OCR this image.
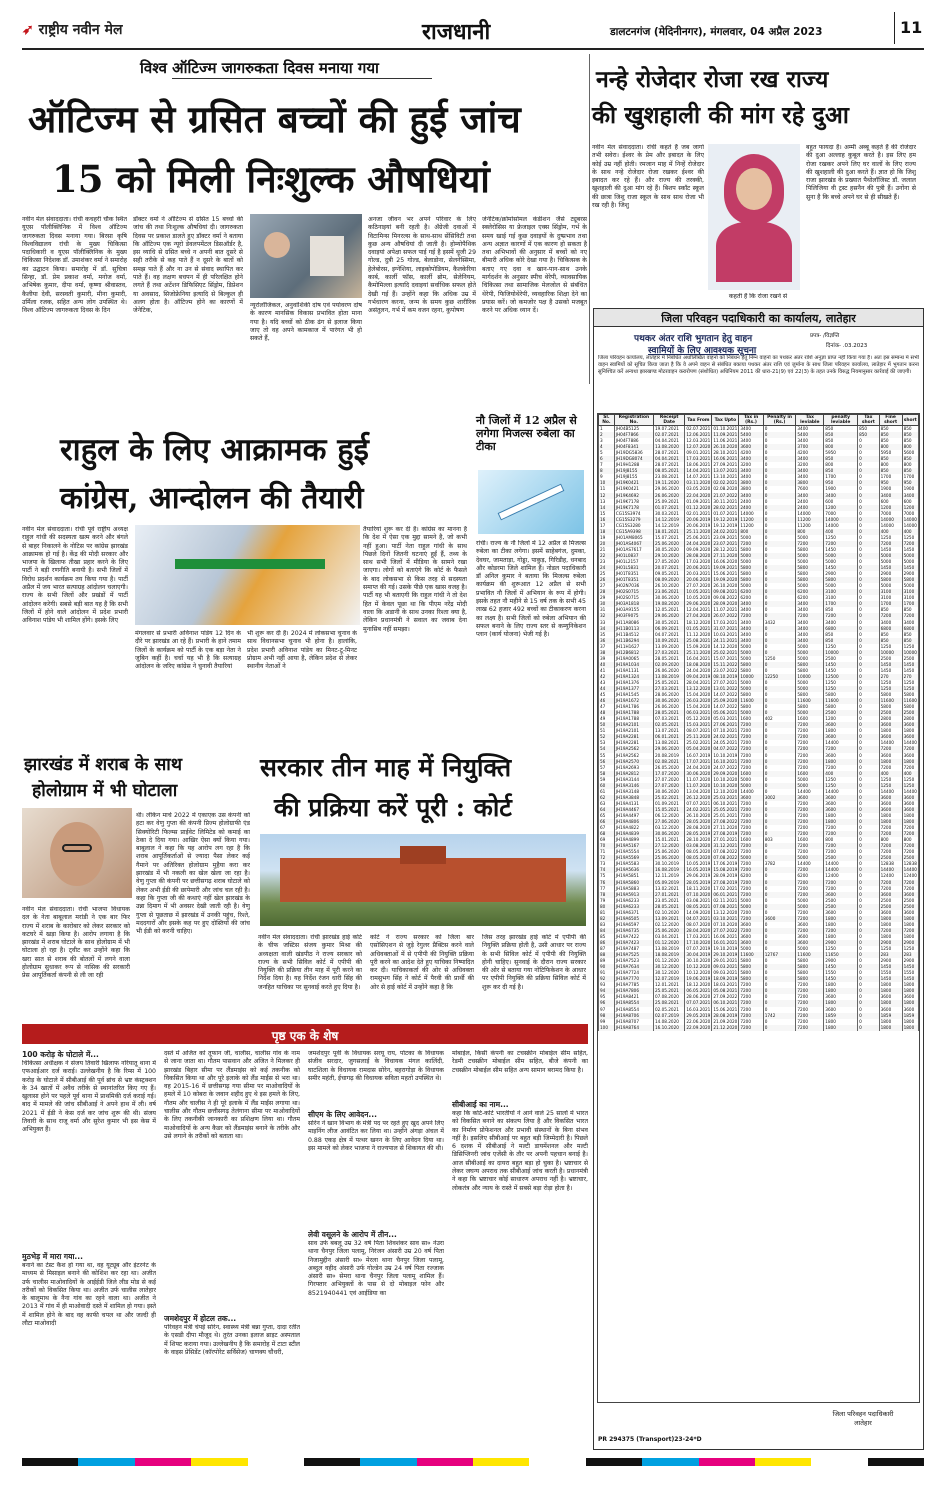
➶ राष्ट्रीय नवीन मेल	राजधानी	डालटनगंज (मेदिनीनगर), मंगलवार, 04 अप्रैल 2023	11
विश्व ऑटिज्म जागरुकता दिवस मनाया गया
ऑटिज्म से ग्रसित बच्चों की हुई जांच
15 को मिली निःशुल्क औषधियां
नवीन मेल संवाददाता। रांची कचहरी चौक स्थित यूएस पॉलीक्लिनिक में विश्व ऑटिज्म जागरुकता दिवस मनाया गया। बिरसा कृषि विश्वविद्यालय रांची के मुख्य चिकित्सा पदाधिकारी व यूएस पॉलीक्लिनिक के मुख्य चिकित्सा निदेशक डॉ. उमाशंकर वर्मा ने समारोह का उद्घाटन किया। समारोह में डॉ. सुचित्रा सिन्हा, डॉ. प्रेम प्रकाश वर्मा, मनोज वर्मा, अभिषेक कुमार, दीपा वर्मा, कृष्णा श्रीवास्तव, कैलीया देवी, सरस्वती कुमारी, मीना कुमारी, उर्मिला रजक, सहित अन्य लोग उपस्थित थे। विश्व ऑटिज्म जागरुकता दिवस के दिन
डॉक्टर वर्मा ने ऑटिज्म से ग्रसित 15 बच्चों की जांच की तथा निःशुल्क औषधियां दी। जागरुकता दिवस पर प्रकाश डालते हुए डॉक्टर वर्मा ने बताया कि ऑटिज्म एक न्यूरो डेवलपमेंटल डिसऑर्डर है, इस व्याधि से ग्रसित बच्चे न अपनी बात दूसरे से सही तरीके से कह पाते हैं न दूसरे के बातों को समझ पाते हैं और ना उन से संवाद स्थापित कर पाते हैं। वह लक्षण बचपन में ही परिलक्षित होने लगते हैं तथा अटेंशन डिफिसिएट सिंड्रोम, डिप्रेशन या अवसाद, सिजोफ्रेनिया इत्यादि से बिल्कुल ही अलग होता है। ऑटिज्म होने का कारणों में जेनेटिक,
न्यूरोलॉजिकल, अनुवांशिकी दोष एवं पर्यावरण दोष के कारण मानसिक विकास प्रभावित होता माना गया है। यदि बच्चों को ठीक ढंग से इलाज किया जाए तो वह अपने कामकाज में पारंगत भी हो सकते हैं,
अनजा जीवन भर अपने परिवार के लिए कठिनाइयां बनी रहती है। ॲग्रेजी दवाओं में विटामिन्स मिनरल्स के साथ-साथ सेंसिविटी तथा कुछ अन्य औषधियां दी जाती है। होम्योपैथिक दवाइयां अपेक्षा सफल पाई गई है इसमें थूजी 29 गोल्ड, दुत्री 25 गोल्ड, बेलाडोना, सेलनेस्सिमा, हेलेबोरस, इग्नेशिया, लाइकोपोडियम, कैलकेरिया कार्ब, कार्ली फॉस, कार्ली ब्रोम, सेलेनियम, कैमोमिल्ला इत्यादि दवाइयां सर्वाधिक सफल होते देखी गई हैं। उन्होंने कहा कि अधिक उम्र में गर्भधारण करना, जन्म के समय कुछ शारीरिक असंतुलन, गर्भ में कम वजन रहना, कुपोषण
जेनेटिक/क्रोमोसोमल कंडीशन जैसे ट्यूबरस स्क्लेरोसिस या फ्रेजाइल एक्स सिंड्रोम, गर्भ के समय खाई गई कुछ दवाइयों के दुष्प्रभाव तथा अन्य अज्ञात कारणों में एक कारण हो सकता है तथा अभिभावों की अनुसार में बच्चों को नए बीमारी अधिक कोरे देखा गया है। चिकित्सक के बताए गए दवा व खान-पान-साथ उनके मार्गदर्शन के अनुसार स्पीच थेरेपी, व्यावसायिक चिकित्सा तथा सामाजिक मेलजोल से संबंधित थेरेपी, फिजियोथेरेपी, व्यवहारिक शिक्षा देने का प्रयास करें। जो कमजोर पक्ष है उसको मजबूत करने पर अधिक ध्यान दें।
नन्हे रोजेदार रोजा रख राज्य
की खुशहाली की मांग रहे दुआ
नवीन मेल संवाददाता। रांची कहते हैं जब जागो तभी सवेरा। ईश्वर के प्रेम और इबादत के लिए कोई उम्र नहीं होती। रमजान माह में निन्हें रोजेदार के साथ नन्हे रोजेदार रोजा रखकर ईश्वर की इबादत कर रहे हैं। और राज्य की तरक्की, खुशहाली की दुआ मांग रहे हैं। बिशप स्कॉट स्कूल की छात्रा जिशु राजा स्कूल के साथ साथ रोजा भी रख रही है। जिशु
कहती हैं कि रोजा रखने से
बहुत फायदा है। अम्मी अब्बू कहते हैं की रोजेदार की दुआ अल्लाह कुबूल करते है। इस लिए हम रोजा रखकर अपने लिए घर वालों के लिए राज्य की खुशहाली की दुआ करते हैं। ज्ञात हो कि जिशु राजा झारखंड के प्रख्यात पैथोलॉजिस्ट डॉ. जलाल पिलिजिया वी ट्रस्ट हसनैन की पुत्री हैं। उनोंना से सुना है कि बच्चे अपने घर से ही सीखते हैं।
राहुल के लिए आक्रामक हुई
कांग्रेस, आन्दोलन की तैयारी
नवीन मेल संवाददाता। रांची पूर्व राष्ट्रीय अध्यक्ष राहुल गांधी की सदस्यता खत्म करने और बंगले से बाहर निकालने के नोटिस पर कांग्रेस झारखंड आक्रामक हो गई है। केंद्र की मोदी सरकार और भाजपा के खिलाफ तीखा प्रहार करने के लिए पार्टी ने बड़ी रणनीति बनायी है। सभी जिलों में विरोध प्रदर्शन कार्यक्रम तय किया गया है। पार्टी अप्रैल में जय भारत सत्याग्रह आंदोलन चलाएगी। राज्य के सभी जिलों और प्रखंडों में पार्टी आंदोलन करेगी। सबसे बड़ी बात यह है कि सभी जिलों में होने वाले आंदोलन में प्रदेश प्रभारी अविनाश पांडेय भी शामिल होंगे। इसके लिए
मंगलवार से प्रभारी अविनाश पांडेय 12 दिन के दौरे पर झारखंड आ रहे हैं। प्रभारी के हाने तमाम जिलों के कार्यक्रम को पार्टी के एक बड़ा नेता ने जुबिन कहीं है। चर्चा यह भी है कि सत्याग्रह आंदोलन के जरिए कांग्रेस ने चुनावी तैयारियां
भी शुरू कर दी है। 2024 में लोकसभा चुनाव के साथ विधानसभा चुनाव भी होना है। हालांकि, प्रदेश प्रभारी अविनाश पांडेय का मिनट-टू-मिनट प्रोग्राम अभी नहीं आया है, लेकिन प्रदेश से लेकर स्थानीय नेताओं ने
तैयारियां शुरू कर दी है। कांग्रेस का मानना है कि देश में ऐसा एक मुद्दा सामने है, जो कभी नहीं हुआ। पार्टी नेता राहुल गांधी के साथ पिछले दिनों जितनी घटनाएं हुईं हैं, तथ्य के साथ सभी जिलों में मीडिया के सामने रखा जाएगा। लोगों को बताएंगे कि कोर्ट के फैसले के बाद लोकसभा से किस तरह से सदस्यता समाप्त की गई। उसके पीछे एक खास वजह है। पार्टी यह भी बताएगी कि राहुल गांधी ने तो देश हित में केवल पूछा था कि पीएम नरेंद्र मोदी वाला कि अडानी के साथ उनका रिश्ता क्या है, लेकिन प्रधानमंत्री ने सवाल का जवाब देना मुनासिब नहीं समझा।
नौ जिलों में 12 अप्रैल से लगेगा मिजल्स रुबेला का टीका
रांची। राज्य के नौ जिलों में 12 अप्रैल से मिजल्स रुबेला का टीका लगेगा। इसमें साहेबगंज, दुमका, देवघर, जामताड़ा, गोड्डा, पाकुड़, गिरिडीह, धनबाद और कोडरमा जिले शामिल हैं। नोडल पदाधिकारी डॉ अनिल कुमार ने बताया कि मिजल्स रुबेला कार्यक्रम की शुरूआत 12 अप्रैल से सभी प्रभावित नौ जिलों में अभियान के रूप में होगी। इसके तहत नौ महीने से 15 वर्ष तक के सभी 45 लाख 62 हजार 492 बच्चों का टीकाकरण करना का लक्ष्य है। सभी जिलों को रुबेला अभियान की सफल बनाने के लिए राज्य स्तर से कम्युनिकेशन प्लान (कार्य योजना) भेजी गई है।
झारखंड में शराब के साथ
होलोग्राम में भी घोटाला
नवीन मेल संवाददाता। रांची भाजपा विधायक दल के नेता बाबूलाल मरांडी ने एक बार फिर राज्य में शराब के कारोबार को लेकर सरकार को कटघरे में खड़ा किया है। आरोप लगाया है कि झारखंड में शराब घोटाले के साथ होलोग्राम में भी घोटाला हो रहा है। ट्वीट कर उन्होंने कहा कि खरा सात से शराब की बोतलों में लगने वाला होलोग्राम सुधाकर रूप से नासिक की सरकारी प्रेस आपूर्तिकर्ता कंपनी से ली जा रही
थी। लेकिन मार्च 2022 में एकाएक उस कंपनी को हटा कर वेणु गुप्ता की कंपनी प्रिज्म होलोग्राफी एंड सिक्योरिटी फिल्म्स प्राईवेट लिमिटेड को कमाई का ठेका दे दिया गया। आखिर ऐसा क्यों किया गया। बाबूलाल ने कहा कि यह आरोप लग रहा है कि शराब आपूर्तिकर्ताओं से ज्यादा पैसा लेकर कई गैमाने पर अतिरिक्त होलोग्राम मुहैया करा कर झारखंड में भी नकली का खेल खेला जा रहा है। वेणु गुप्ता की कंपनी पर छत्तीसगढ़ शराब घोटाले को लेकर अभी ईडी की छापेमारी और जांच चल रही है। कहा कि गुप्ता जी की कथाएं नहीं खेल झारखंड के उन्ना दिमाग में भी अवसर देखी जाती रही है। वेणु गुप्ता से पूछताछ में झारखंड में उनकी पहुंच, रिश्ते, मददगारों और इसके कह पर हुए दोस्तियों की जांच भी ईडी को करनी चाहिए।
सरकार तीन माह में नियुक्ति
की प्रक्रिया करें पूरी : कोर्ट
नवीन मेल संवाददाता। रांची झारखंड हाई कोर्ट के चीफ जस्टिस संजय कुमार मिश्रा की अध्यक्षता वाली खंडपीठ ने राज्य सरकार को राज्य के सभी सिविल कोर्ट में एपीपी की नियुक्ति की प्रक्रिया तीन माह में पूरी करने का निर्देश दिया है। यह निर्देश रंजन धारी सिंह की जनहित याचिका पर सुनवाई करते हुए दिया है।
कोर्ट ने राज्य सरकार को जिला बार एसोसिएशन से जुड़े रेगुलर प्रैक्टिस करने वाले अधिवक्ताओं में से एपीपी की नियुक्ति प्रक्रिया पूरी करने का आदेश देते हुए याचिका निष्पादित कर दी। याचिकाकर्ता की ओर से अधिवक्ता रामसुभग सिंह ने कोर्ट में पैरवी की प्रार्थी की ओर से हाई कोर्ट में उन्होंने कहा है कि
जिस तरह झारखंड हाई कोर्ट में एपीपी की नियुक्ति प्रक्रिया होती है, उसी आधार पर राज्य के सभी सिविल कोर्ट में एपीपी की नियुक्ति होनी चाहिए। सुनवाई के दौरान राज्य सरकार की ओर से बताया गया नोटिफिकेशन के आधार पर एपीपी नियुक्ति की प्रक्रिया सिविल कोर्ट में शुरू कर दी गई है।
पृष्ठ एक के शेष
100 करोड़ के घोटाले में...
चिकित्सा अधीक्षक ने संजय तिवारी खिलाफ नरियातू थाना में एफआईआर दर्ज कराई। उल्लेखनीय है कि रिम्स में 100 करोड़ के घोटाले में सीबीआई की पूर्व ब्रांच से भ्रष्ट कंस्ट्रक्शन के 34 खातों में अवैध तरीके से स्थानांतरित किए गए हैं। खुलासा होने पर पहले पूर्व थाना में प्राथमिकी दर्ज कराई गई। बाद में मामले की जांच सीबीआई ने अपने हाथ में ली। वर्ष 2021 में ईडी ने केस दर्ज कर जांच शुरू की थी। संजय तिवारी के साथ राजू वर्मा और सुरेश कुमार भी इस केस में अभियुक्त हैं।
मुठभेड़ में मारा गया...
बनाने का टेस्ट कैश हो गया था, वह यूट्यूब और इंटरनेट के माध्यम से मिसाइल बनाने की कोशिश कर रहा था। अजीत उर्फ चालीस माओवादियों के आईईडी जिले लीड मोड से कई तरीकों को विकसित किया था। अजीत उर्फ चालीस लातेहार के बालूमाथ के नैना गांव का रहने वाला था। अजीत ने 2013 में गांव में ही माओवादी दस्ते में शामिल हो गया। इस्ते में शामिल होने के बाद वह काफी चपल था और जल्दी ही लौटा माओवादी
दस्ते में अजित को तूफान जी, चालीस, चालीस गांव के नाम से जाना जाता था। गौतम पासवान और अजित ने मिलकर ही झारखंड बिहार सीमा पर लैंडमाइंस को कई तकनीक को विकसित किया था और पूरे इलाके को लैंड माईंस से भरा था। वह 2015-16 में छत्तीसगढ़ गया सीमा पर माओवादियों के हमले में 10 कोबरा के जवान शहीद हुए थे इस हमले के लिए, गौतम और चालीस ने ही पूरे इलाके में लैंड माईंस लगाया था। चालीस और गौतम छत्तीसगढ़ तेलंगाना सीमा पर माओवादियों के लिए तकनीकी जानकारी का प्रशिक्षण लिया था। गौतम माओवादियों के अन्य कैडर को लैंडमाइंस बनाने के तरीके और उसे लगाने के तरीकों को बताता था।
जमशेदपुर में होटल तक...
परिवहन मंत्री चंपई सोरेन, स्वास्थ्य मंत्री बन्ना गुप्ता, दादा रतीत के एसडी दीपा मौजूद थे। तुरंत उनका इलाज ब्राइट अस्पताल में शिफ्ट कराया गया। उल्लेखनीय है कि समारोह में टाटा स्टील के वाइस प्रेसिडेंट (कॉरपोरेट सर्विसेज) चाणक्य चौधरी,
जमशेदपुर पूर्वी के विधायक सरयू राय, पोटका के विधायक संजीव सरदार, जुगसलाई के विधायक मंगल कालिंदी, घाटशिला के विधायक रामदास सोरेन, बहरागोड़ा के विधायक समीर महंती, ईचागढ़ की विधायक सविता महतो उपस्थित थे।
सीएम के लिए आवेदन...
सोरेन ने खान विभाग के मंत्री पद पर रहते हुए खुद अपने लिए माइनिंग लीज आवंटित कर लिया था। उन्होंने अंगड़ा अंचल में 0.88 एकड़ क्षेत्र में पत्थर खनन के लिए आवेदन दिया था। इस मामले को लेकर भाजपा ने राज्यपाल से शिकायत की थी।
लेवी वसूलने के आरोप में तीन...
साव उर्फ बबलू उम्र 32 वर्ष पिता शिवशंकर साव सा० नेउरा थाना चैनपुर जिला पलामू, निरंजन अंसारी उम्र 20 वर्ष पिता निजामुद्दीन अंसारी सा० मेरला थाना चैनपुर जिला पलामू, अब्दुल वहीद अंसारी उर्फ गोल्डेन उम्र 24 वर्ष पिता रज्जाक अंसारी सा० सेमरा थाना चैनपुर जिला पलामू शामिल हैं। गिरफ्तार अभियुक्तों के पास से दो मोबाइल फोन और 8521940441 एवं आईडिया का
मोबाईल, किसी कंपनी का टचस्क्रीन मोबाईल सीम सहित, रेडमी टचस्क्रीन मोबाईल सीम सहित, बीजे कंपनी का टचस्क्रीन मोबाईल सीम सहित अन्य सामान बरामद किया है।
सीबीआई का नाम...
कहा कि कोर्ट-कोर्ट भारतीयों ने आने वाले 25 सालों में भारत को विकसित बनाने का संकल्प लिया है और विकसित भारत का निर्माण प्रोफेशनल और प्रभावी संस्थानों के बिना संभव नहीं है। इसलिए सीबीआई पर बहुत बड़ी जिम्मेदारी है। पिछले 6 दशक में सीबीआई ने मल्टी डायमेंशनल और मल्टी डिसिप्लिनरी जांच एजेंसी के तौर पर अपनी पहचान बनाई है। आज सीबीआई का दायरा बहुत बड़ा हो चुका है। भ्रष्टाचार से लेकर जघन्य अपराध तक सीबीआई जांच करती है। प्रधानमंत्री ने कहा कि भ्रष्टाचार कोई साधारण अपराध नहीं है। भ्रष्टाचार, लोकतंत्र और न्याय के रास्ते में सबसे बड़ा रोड़ा होता है।
जिला परिवहन पदाधिकारी का कार्यालय, लातेहार
पथकर अंतर राशि भुगतान हेतु वाहन
स्वामियों के लिए आवश्यक सूचना
प्रपत्र- /विज्ञप्ति
दिनांक- .03.2023
जिला परिवहन कार्यालय, लातेहार में निबंधित अधोलिखित वाहनों को निबंधन हेतु निम्न वाहनों का पथकर अंतर राशि अनुज्ञा प्राप्त नहीं किया गया है। अतः इस सम्बन्ध में सभी वाहन स्वामियों को सूचित किया जाता है कि वे अपने वाहन से संबंधित बकाया पथकर अंतर राशि एवं जुर्माना के साथ जिला परिवहन कार्यालय, लातेहार में भुगतान करना सुनिश्चित करें अन्यथा झारखण्ड मोटरवाहन करारोपण (संशोधित) अधिनियम 2011 की धारा-21(9) एवं 22(3) के तहत उनके विरुद्ध नियमानुसार कार्रवाई की जाएगी।
Sl. No.	Registration No.	Receipt Date	Tax From	Tax Upto	Tax in (Rs.)	Penalty in (Rs.)	Tax leviable	penalty leviable	Tax short	Fine short	short
1	JH04B5125	19.07.2021	02.07.2021	01.10.2021	3400	0	3400	850	850	850	850
2	JH04F7866	02.07.2021	12.06.2021	11.09.2021	5400	0	5400	850	850	850	850
3	JH04F7886	04.04.2021	12.03.2021	11.06.2021	3400	0	3400	850	0	850	850
4	JH04F8341	13.08.2020	12.07.2020	26.10.2020	3600	0	3700	800	0	800	800
5	JH19DG5836	28.07.2021	09.01.2021	28.10.2021	4200	0	4200	5950	0	5950	5600
6	JH19DG8074	04.04.2021	17.03.2021	16.06.2021	3400	0	3400	850	0	850	850
7	JH19H1288	28.07.2021	18.06.2021	27.09.2021	3200	0	3200	800	0	800	800
8	JH19J8155	08.05.2021	14.04.2021	13.07.2021	3400	0	3400	850	0	850	850
9	JH19J8155	23.08.2021	14.07.2021	13.10.2021	3400	0	3400	1700	0	1700	1700
10	JH19K0421	19.11.2020	03.11.2020	02.02.2021	3800	0	3800	950	0	950	950
11	JH19K0421	29.06.2020	03.05.2020	02.08.2020	3800	0	7600	1900	0	1900	1900
12	JH19K4692	26.06.2020	22.04.2020	21.07.2022	3400	0	3400	3400	0	3400	3400
13	JH19K7178	25.09.2021	01.09.2021	30.11.2021	2400	0	2400	600	0	600	600
14	JH19K7178	01.07.2021	01.12.2020	28.02.2021	2400	0	2400	1200	0	1200	1200
15	CG15S3974	30.03.2021	02.01.2021	01.07.2021	14000	0	14000	7000	0	7000	7000
16	CG15S3279	14.12.2019	20.06.2019	19.12.2019	11200	0	11200	14000	0	14000	14000
17	CG15S3280	14.12.2019	20.06.2019	19.12.2019	11200	0	11200	14000	0	14000	14000
18	CG15A9398	18.01.2021	25.11.2020	24.02.2021	800	0	800	400	0	400	400
19	JH01AM8065	15.07.2021	25.06.2021	23.09.2021	5000	0	5000	1250	0	1250	1250
20	JH01AS4067	25.06.2020	24.04.2020	23.07.2021	7200	0	7200	7200	0	7200	7200
21	JH01AS7617	30.05.2020	09.09.2020	28.12.2021	5800	0	5800	1450	0	1450	1450
22	JH01L0837	29.10.2020	28.08.2020	27.11.2020	5000	0	5000	5000	0	5000	5000
23	JH01L2157	27.05.2020	17.03.2020	16.06.2020	5000	0	5000	5000	0	5000	5000
24	JH01L5831	20.07.2021	20.06.2021	19.09.2021	5800	0	5800	1450	0	1450	1450
25	JH01T8351	09.05.2021	20.03.2021	15.06.2021	5800	0	5800	2900	0	2900	2900
26	JH01T8351	08.09.2020	20.06.2020	19.09.2020	5800	0	5800	5800	0	5800	5800
27	JH02N7036	26.10.2020	27.07.2020	26.10.2020	5000	0	5000	5000	0	5000	5000
28	JH02S0715	23.06.2021	10.05.2021	09.08.2021	6200	0	6200	3100	0	3100	3100
29	JH02S0715	30.06.2020	10.05.2020	09.08.2022	6200	0	6200	3100	0	3100	3100
30	JH03A1818	19.08.2020	29.06.2020	28.09.2020	3400	0	3400	1700	0	1700	1700
31	JH03A9155	12.05.2021	12.04.2021	11.07.2021	3400	0	3400	850	0	850	850
32	JH03F9075	29.06.2020	27.04.2020	26.07.2022	7200	0	7200	7200	0	7200	7200
33	JH11A8086	30.05.2021	18.12.2020	17.03.2021	3400	3432	3400	3400	0	3400	3400
34	JH11B0113	06.09.2021	01.05.2021	31.07.2021	3400	0	3400	6800	0	6800	6800
35	JH11B4512	04.07.2021	11.12.2020	10.03.2021	3400	0	3400	850	0	850	850
36	JH11B6294	10.09.2021	25.08.2021	24.11.2021	3400	0	3400	850	0	850	850
37	JH11H1627	13.09.2020	15.09.2020	14.12.2020	5000	0	5000	1250	0	1250	1250
38	JH12B6812	27.03.2021	25.11.2020	25.02.2021	5000	0	5000	10000	0	10000	10000
39	JH19A0065	28.05.2021	16.04.2021	15.07.2021	5000	1250	5000	2500	0	2500	2500
40	JH19A1034	02.09.2020	18.08.2020	15.11.2022	5800	0	5800	1450	0	1450	1450
41	JH19A1131	26.06.2020	24.04.2020	23.07.2022	5800	0	5800	1450	0	1450	1450
42	JH19A1324	13.08.2019	09.04.2019	08.10.2019	10000	12250	10000	12500	0	270	270
43	JH19A1376	25.05.2021	28.04.2021	27.07.2021	5000	0	5000	1250	0	1250	1250
44	JH19A1377	27.03.2021	13.12.2020	13.01.2022	5000	0	5000	1250	0	1250	1250
45	JH19A1545	28.06.2020	15.04.2020	14.07.2022	5800	0	5800	5800	0	5800	5800
46	JH19A1672	30.06.2020	26.03.2020	25.09.2020	11600	0	11600	11600	0	11600	11600
47	JH19A1786	26.06.2020	15.04.2020	14.07.2022	5800	0	5800	5800	0	5800	5800
48	JH19A1788	28.05.2021	06.03.2021	05.06.2021	5000	0	5000	2500	0	2500	2500
49	JH19A1788	07.03.2021	05.12.2020	05.03.2021	1600	402	1600	1200	0	2800	2800
50	JH19A2101	02.05.2021	15.03.2021	27.06.2021	7200	0	7200	3600	0	3600	3600
51	JH19A2101	13.07.2021	08.07.2021	07.10.2021	7200	0	7200	1800	0	1800	1800
52	JH19A2281	06.01.2021	25.11.2020	24.02.2021	7200	0	7200	3600	0	3600	3600
53	JH19A2281	13.08.2021	25.02.2021	24.05.2021	7200	0	7200	14400	0	14400	14400
54	JH19A2562	29.06.2020	05.04.2020	04.07.2022	7200	0	7200	7200	0	7200	7200
55	JH19A2562	20.08.2019	16.07.2019	10.10.2019	7200	0	7200	3600	0	3600	3600
56	JH19A2570	02.08.2021	17.07.2021	16.10.2021	7200	0	7200	1800	0	1800	1800
57	JH19A2693	26.05.2020	24.04.2020	24.07.2022	7200	0	7200	7200	0	7200	7200
58	JH19A2812	17.07.2020	30.06.2020	29.09.2020	1600	0	1600	400	0	400	400
59	JH19A3144	27.07.2020	11.07.2020	10.10.2020	5000	0	5000	1250	0	1250	1250
60	JH19A3146	27.07.2020	11.07.2020	10.10.2020	5000	0	5000	1250	0	1250	1250
61	JH19A3148	30.06.2020	13.04.2020	12.10.2020	14400	0	14400	14400	0	14400	14400
62	JH19A3848	25.02.2021	26.12.2020	25.03.2021	3600	3002	3600	3600	0	3600	3600
63	JH19A4131	01.09.2021	07.07.2021	06.10.2021	7200	0	7200	3600	0	3600	3600
64	JH19A4467	15.05.2021	24.02.2021	25.05.2021	7200	0	7200	3600	0	3600	3600
65	JH19A4497	06.12.2020	26.10.2020	25.01.2021	7200	0	7200	1800	0	1800	1800
66	JH19A4806	27.06.2020	28.05.2020	27.08.2022	7200	0	7200	1800	0	1800	1800
67	JH19A4822	03.12.2020	28.08.2020	27.11.2020	7200	0	7200	7200	0	7200	7200
68	JH19A4839	30.06.2020	28.05.2019	27.08.2019	7200	0	7200	7200	0	7200	7200
69	JH19A4899	15.01.2021	28.10.2020	27.01.2021	1600	803	1600	800	0	800	800
70	JH19A5167	27.12.2020	03.08.2020	31.12.2021	7200	0	7200	7200	0	7200	7200
71	JH19A5554	25.06.2020	08.05.2020	07.08.2022	7200	0	7200	7200	0	7200	7200
72	JH19A5569	25.06.2020	08.05.2020	07.08.2022	5000	0	5000	2500	0	2500	2500
73	JH19A5583	30.10.2019	10.05.2019	17.06.2019	7200	3782	14400	14400	0	12838	12838
74	JH19A5636	16.08.2019	16.05.2019	15.08.2019	7200	0	7200	14400	0	14400	14400
75	JH19A5851	12.11.2019	29.06.2019	28.09.2019	6200	0	6200	12400	0	12400	12400
76	JH19A5860	05.09.2019	28.05.2019	27.08.2019	7200	0	7200	7200	0	7200	7200
77	JH19A5883	13.02.2021	18.11.2020	17.02.2021	7200	0	7200	7200	0	7200	7200
78	JH19A5913	27.01.2021	07.10.2020	06.01.2021	7200	0	7200	3600	0	3600	3600
79	JH19A6233	23.05.2021	03.08.2021	02.11.2021	5000	0	5000	2500	0	2500	2500
80	JH19A6233	28.05.2021	08.05.2021	07.08.2021	5000	0	5000	2500	0	2500	2500
81	JH19A6371	02.10.2020	14.09.2020	13.12.2020	7200	0	7200	3600	0	3600	3600
82	JH19A6505	13.09.2021	04.07.2021	03.10.2021	7200	3600	7200	1800	0	1800	1800
83	JH19A6597	02.12.2020	08.07.2020	07.10.2020	3600	0	3600	1800	0	1800	1800
84	JH19A6735	25.06.2020	28.04.2020	27.07.2022	7200	0	7200	7200	0	7200	7200
85	JH19A7422	03.04.2021	17.03.2021	16.06.2021	3600	0	3600	1800	0	1800	1800
86	JH19A7423	01.12.2020	17.10.2020	16.01.2021	3600	0	3600	2900	0	2900	2900
87	JH19A7487	13.08.2019	07.07.2019	19.10.2019	5000	0	5000	1250	0	1250	1250
88	JH19A7525	18.08.2019	30.04.2019	29.10.2019	11600	12767	11600	11650	0	283	283
89	JH19A7523	01.12.2020	30.10.2020	29.01.2021	5800	0	5800	2900	0	2900	2900
90	JH19A7634	30.12.2020	10.12.2020	09.03.2021	5800	0	5800	1450	0	1450	1450
91	JH19A7724	30.12.2020	10.12.2020	09.03.2021	5800	0	5800	1550	0	1550	1550
92	JH19A7770	12.07.2019	19.06.2019	18.09.2019	5800	0	5800	1450	0	1450	1450
93	JH19A7785	12.01.2021	18.12.2020	18.03.2021	7200	0	7200	1800	0	1800	1800
94	JH19A7806	25.05.2021	06.05.2021	05.08.2021	7200	0	7200	1800	0	1800	1800
95	JH19A8421	07.08.2020	28.06.2020	27.09.2022	7200	0	7200	3600	0	3600	3600
96	JH19A8554	25.08.2021	07.07.2021	06.10.2021	7200	0	7200	1800	0	1800	1800
97	JH19A8554	02.05.2021	16.03.2021	15.06.2021	7200	0	7200	3600	0	3600	3600
98	JH19A8706	02.07.2019	29.05.2019	28.08.2019	7200	1742	7200	1859	0	1859	1859
99	JH19A8707	14.08.2020	22.06.2020	21.09.2020	7200	0	7200	1800	0	1800	1800
100	JH19A8764	16.10.2020	22.09.2020	21.12.2020	7200	0	7200	1800	0	1800	1800
जिला परिवहन पदाधिकारी
लातेहार
PR 294375 (Transport)23-24*D
